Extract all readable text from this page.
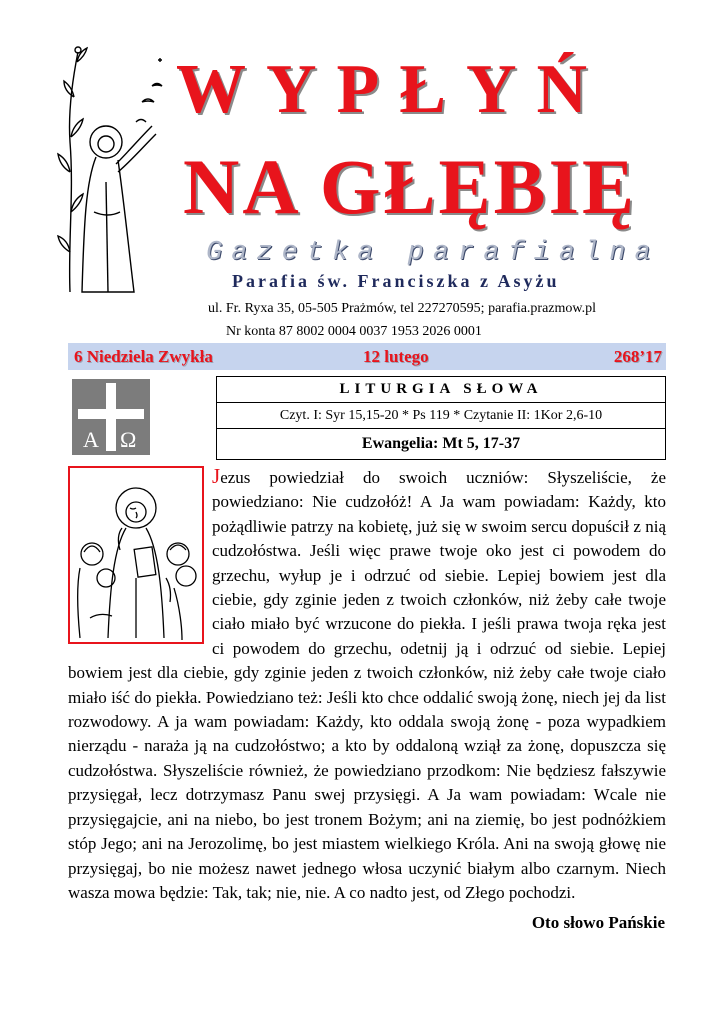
WYPŁYŃ
NA GŁĘBIĘ
Gazetka parafialna
Parafia św. Franciszka z Asyżu
ul. Fr. Ryxa 35, 05-505 Prażmów, tel 227270595; parafia.prazmow.pl
Nr konta 87 8002 0004 0037 1953 2026 0001
6 Niedziela Zwykła	12 lutego	268’17
A Ω
LITURGIA SŁOWA
Czyt. I: Syr 15,15-20 * Ps 119 * Czytanie II: 1Kor 2,6-10
Ewangelia: Mt 5, 17-37
Jezus powiedział do swoich uczniów: Słyszeliście, że powiedziano: Nie cudzołóż! A Ja wam powiadam: Każdy, kto pożądliwie patrzy na kobietę, już się w swoim sercu dopuścił z nią cudzołóstwa. Jeśli więc prawe twoje oko jest ci powodem do grzechu, wyłup je i odrzuć od siebie. Lepiej bowiem jest dla ciebie, gdy zginie jeden z twoich członków, niż żeby całe twoje ciało miało być wrzucone do piekła. I jeśli prawa twoja ręka jest ci powodem do grzechu, odetnij ją i odrzuć od siebie. Lepiej bowiem jest dla ciebie, gdy zginie jeden z twoich członków, niż żeby całe twoje ciało miało iść do piekła. Powiedziano też: Jeśli kto chce oddalić swoją żonę, niech jej da list rozwodowy. A ja wam powiadam: Każdy, kto oddala swoją żonę - poza wypadkiem nierządu - naraża ją na cudzołóstwo; a kto by oddaloną wziął za żonę, dopuszcza się cudzołóstwa. Słyszeliście również, że powiedziano przodkom: Nie będziesz fałszywie przysięgał, lecz dotrzymasz Panu swej przysięgi. A Ja wam powiadam: Wcale nie przysięgajcie, ani na niebo, bo jest tronem Bożym; ani na ziemię, bo jest podnóżkiem stóp Jego; ani na Jerozolimę, bo jest miastem wielkiego Króla. Ani na swoją głowę nie przysięgaj, bo nie możesz nawet jednego włosa uczynić białym albo czarnym. Niech wasza mowa będzie: Tak, tak; nie, nie. A co nadto jest, od Złego pochodzi.
Oto słowo Pańskie
